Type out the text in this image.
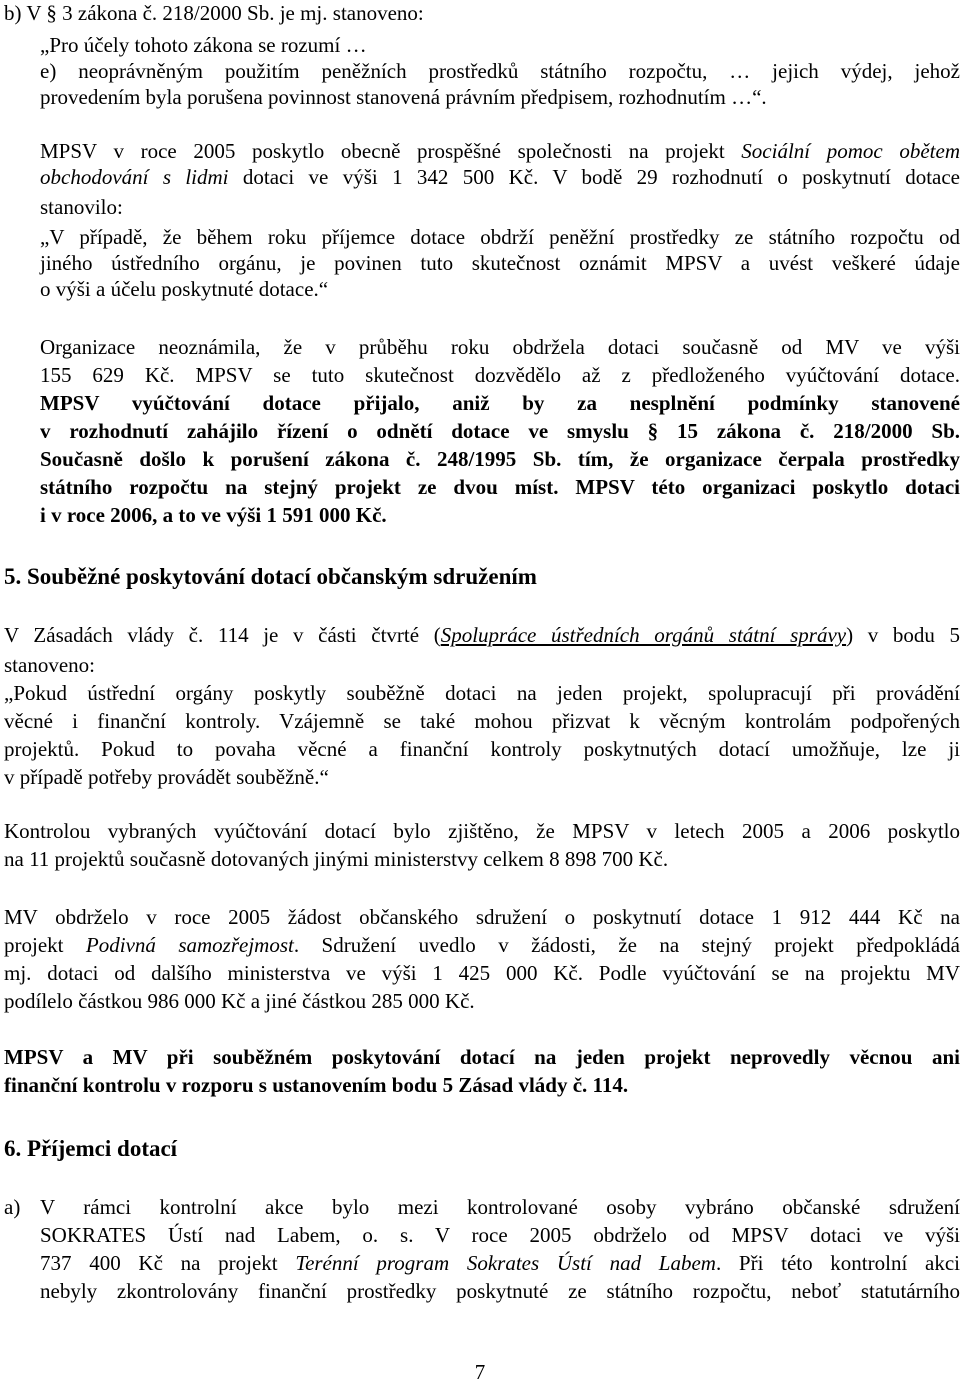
b) V § 3 zákona č. 218/2000 Sb. je mj. stanoveno:
„Pro účely tohoto zákona se rozumí …
e) neoprávněným použitím peněžních prostředků státního rozpočtu, … jejich výdej, jehož
provedením byla porušena povinnost stanovená právním předpisem, rozhodnutím …“.
MPSV v roce 2005 poskytlo obecně prospěšné společnosti na projekt Sociální pomoc obětem
obchodování s lidmi dotaci ve výši 1 342 500 Kč. V bodě 29 rozhodnutí o poskytnutí dotace
stanovilo:
„V případě, že během roku příjemce dotace obdrží peněžní prostředky ze státního rozpočtu od
jiného ústředního orgánu, je povinen tuto skutečnost oznámit MPSV a uvést veškeré údaje
o výši a účelu poskytnuté dotace.“
Organizace neoznámila, že v průběhu roku obdržela dotaci současně od MV ve výši
155 629 Kč. MPSV se tuto skutečnost dozvědělo až z předloženého vyúčtování dotace.
MPSV vyúčtování dotace přijalo, aniž by za nesplnění podmínky stanovené
v rozhodnutí zahájilo řízení o odnětí dotace ve smyslu § 15 zákona č. 218/2000 Sb.
Současně došlo k porušení zákona č. 248/1995 Sb. tím, že organizace čerpala prostředky
státního rozpočtu na stejný projekt ze dvou míst. MPSV této organizaci poskytlo dotaci
i v roce 2006, a to ve výši 1 591 000 Kč.
5. Souběžné poskytování dotací občanským sdružením
V Zásadách vlády č. 114 je v části čtvrté (Spolupráce ústředních orgánů státní správy) v bodu 5
stanoveno:
„Pokud ústřední orgány poskytly souběžně dotaci na jeden projekt, spolupracují při provádění
věcné i finanční kontroly. Vzájemně se také mohou přizvat k věcným kontrolám podpořených
projektů. Pokud to povaha věcné a finanční kontroly poskytnutých dotací umožňuje, lze ji
v případě potřeby provádět souběžně.“
Kontrolou vybraných vyúčtování dotací bylo zjištěno, že MPSV v letech 2005 a 2006 poskytlo
na 11 projektů současně dotovaných jinými ministerstvy celkem 8 898 700 Kč.
MV obdrželo v roce 2005 žádost občanského sdružení o poskytnutí dotace 1 912 444 Kč na
projekt Podivná samozřejmost. Sdružení uvedlo v žádosti, že na stejný projekt předpokládá
mj. dotaci od dalšího ministerstva ve výši 1 425 000 Kč. Podle vyúčtování se na projektu MV
podílelo částkou 986 000 Kč a jiné částkou 285 000 Kč.
MPSV a MV při souběžném poskytování dotací na jeden projekt neprovedly věcnou ani
finanční kontrolu v rozporu s ustanovením bodu 5 Zásad vlády č. 114.
6. Příjemci dotací
a) V rámci kontrolní akce bylo mezi kontrolované osoby vybráno občanské sdružení
SOKRATES Ústí nad Labem, o. s. V roce 2005 obdrželo od MPSV dotaci ve výši
737 400 Kč na projekt Terénní program Sokrates Ústí nad Labem. Při této kontrolní akci
nebyly zkontrolovány finanční prostředky poskytnuté ze státního rozpočtu, neboť statutárníhο
7
